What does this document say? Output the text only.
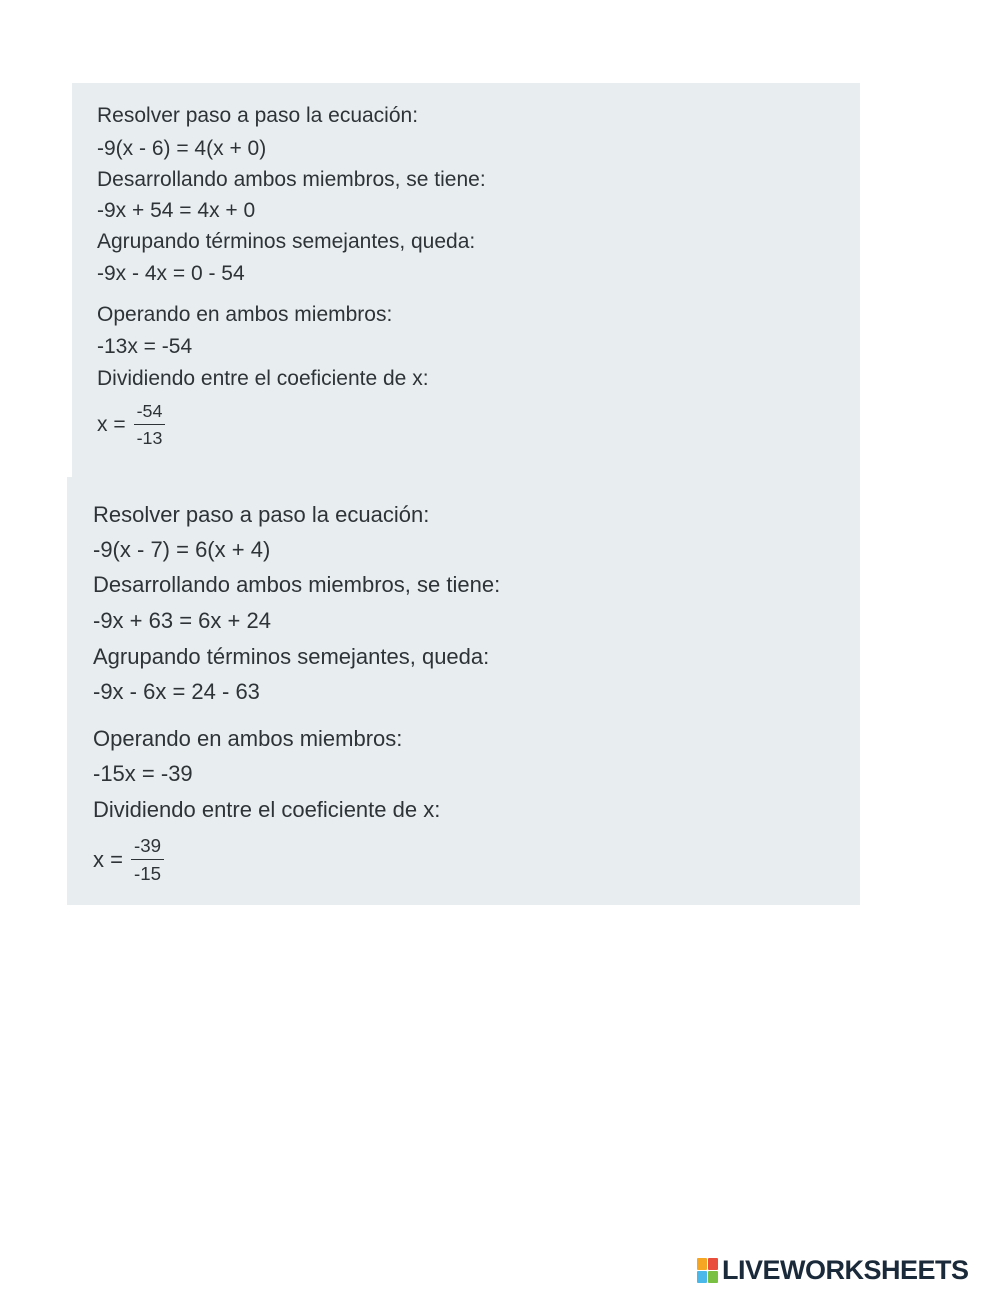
Resolver paso a paso la ecuación:
-9(x - 6) = 4(x + 0)
Desarrollando ambos miembros, se tiene:
-9x + 54 = 4x + 0
Agrupando términos semejantes, queda:
-9x - 4x = 0 - 54
Operando en ambos miembros:
-13x = -54
Dividiendo entre el coeficiente de x:
$x = \frac{-54}{-13}$
Resolver paso a paso la ecuación:
-9(x - 7) = 6(x + 4)
Desarrollando ambos miembros, se tiene:
-9x + 63 = 6x + 24
Agrupando términos semejantes, queda:
-9x - 6x = 24 - 63
Operando en ambos miembros:
-15x = -39
Dividiendo entre el coeficiente de x:
$x = \frac{-39}{-15}$
LIVEWORKSHEETS
